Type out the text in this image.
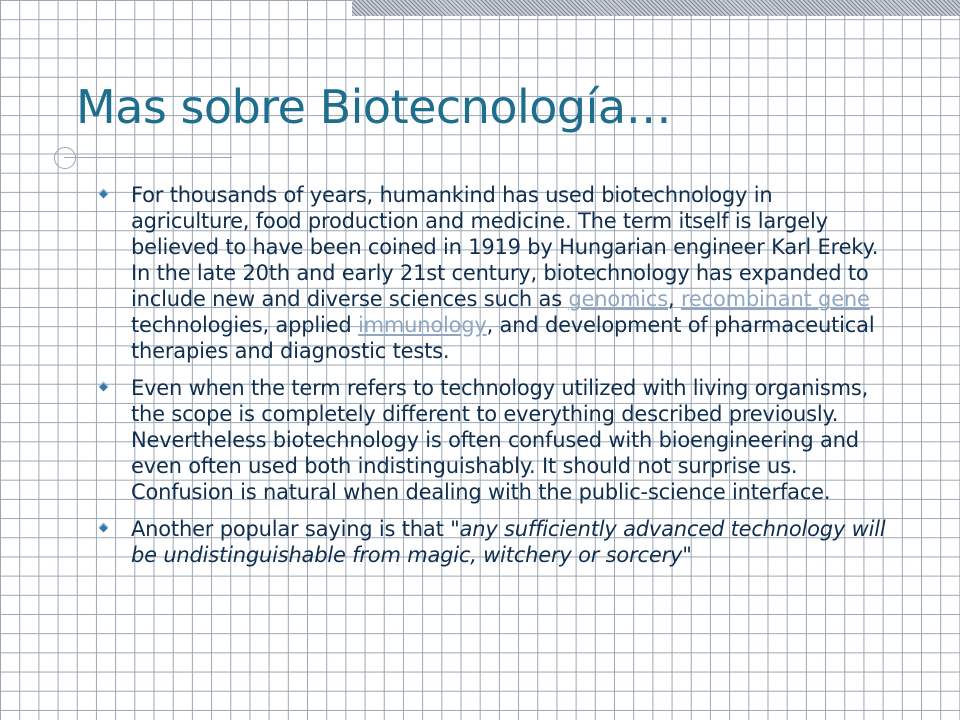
Mas sobre Biotecnología…
For thousands of years, humankind has used biotechnology in agriculture, food production and medicine. The term itself is largely believed to have been coined in 1919 by Hungarian engineer Karl Ereky. In the late 20th and early 21st century, biotechnology has expanded to include new and diverse sciences such as genomics, recombinant gene technologies, applied immunology, and development of pharmaceutical therapies and diagnostic tests.
Even when the term refers to technology utilized with living organisms, the scope is completely different to everything described previously. Nevertheless biotechnology is often confused with bioengineering and even often used both indistinguishably. It should not surprise us. Confusion is natural when dealing with the public-science interface.
Another popular saying is that "any sufficiently advanced technology will be undistinguishable from magic, witchery or sorcery"
